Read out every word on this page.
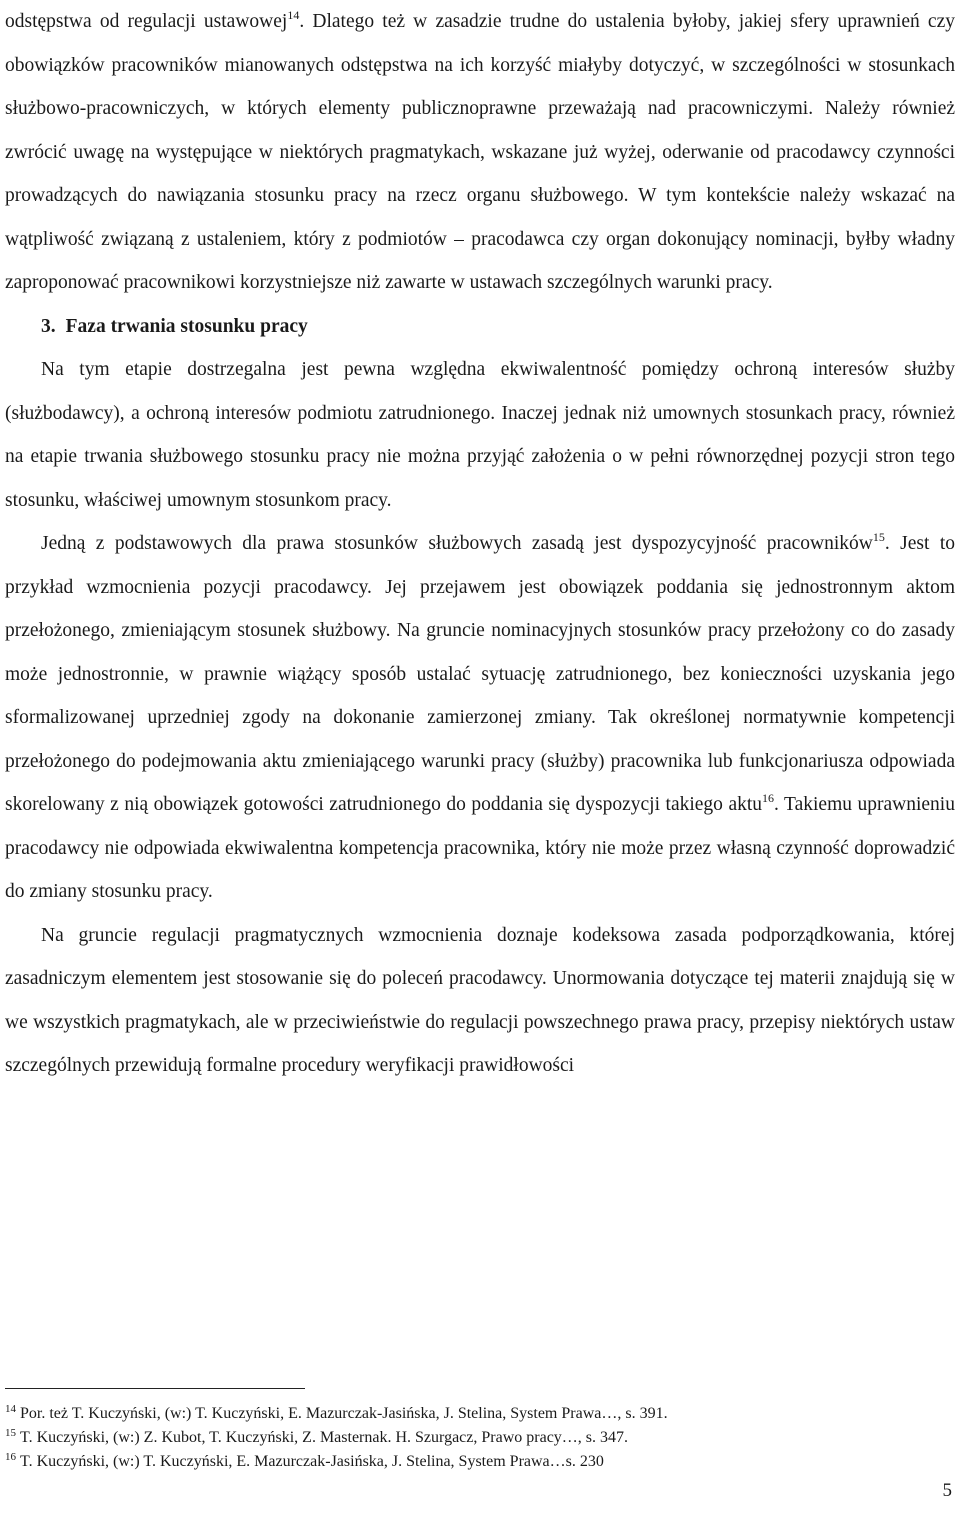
odstępstwa od regulacji ustawowej$^{14}$. Dlatego też w zasadzie trudne do ustalenia byłoby, jakiej sfery uprawnień czy obowiązków pracowników mianowanych odstępstwa na ich korzyść miałyby dotyczyć, w szczególności w stosunkach służbowo-pracowniczych, w których elementy publicznoprawne przeważają nad pracowniczymi. Należy również zwrócić uwagę na występujące w niektórych pragmatykach, wskazane już wyżej, oderwanie od pracodawcy czynności prowadzących do nawiązania stosunku pracy na rzecz organu służbowego. W tym kontekście należy wskazać na wątpliwość związaną z ustaleniem, który z podmiotów – pracodawca czy organ dokonujący nominacji, byłby władny zaproponować pracownikowi korzystniejsze niż zawarte w ustawach szczególnych warunki pracy.

3. Faza trwania stosunku pracy

Na tym etapie dostrzegalna jest pewna względna ekwiwalentność pomiędzy ochroną interesów służby (służbodawcy), a ochroną interesów podmiotu zatrudnionego. Inaczej jednak niż umownych stosunkach pracy, również na etapie trwania służbowego stosunku pracy nie można przyjąć założenia o w pełni równorzędnej pozycji stron tego stosunku, właściwej umownym stosunkom pracy.

Jedną z podstawowych dla prawa stosunków służbowych zasadą jest dyspozycyjność pracowników$^{15}$. Jest to przykład wzmocnienia pozycji pracodawcy. Jej przejawem jest obowiązek poddania się jednostronnym aktom przełożonego, zmieniającym stosunek służbowy. Na gruncie nominacyjnych stosunków pracy przełożony co do zasady może jednostronnie, w prawnie wiążący sposób ustalać sytuację zatrudnionego, bez konieczności uzyskania jego sformalizowanej uprzedniej zgody na dokonanie zamierzonej zmiany. Tak określonej normatywnie kompetencji przełożonego do podejmowania aktu zmieniającego warunki pracy (służby) pracownika lub funkcjonariusza odpowiada skorelowany z nią obowiązek gotowości zatrudnionego do poddania się dyspozycji takiego aktu$^{16}$. Takiemu uprawnieniu pracodawcy nie odpowiada ekwiwalentna kompetencja pracownika, który nie może przez własną czynność doprowadzić do zmiany stosunku pracy.

Na gruncie regulacji pragmatycznych wzmocnienia doznaje kodeksowa zasada podporządkowania, której zasadniczym elementem jest stosowanie się do poleceń pracodawcy. Unormowania dotyczące tej materii znajdują się w we wszystkich pragmatykach, ale w przeciwieństwie do regulacji powszechnego prawa pracy, przepisy niektórych ustaw szczególnych przewidują formalne procedury weryfikacji prawidłowości

$^{14}$ Por. też T. Kuczyński, (w:) T. Kuczyński, E. Mazurczak-Jasińska, J. Stelina, System Prawa…, s. 391.

$^{15}$ T. Kuczyński, (w:) Z. Kubot, T. Kuczyński, Z. Masternak. H. Szurgacz, Prawo pracy…, s. 347.

$^{16}$ T. Kuczyński, (w:) T. Kuczyński, E. Mazurczak-Jasińska, J. Stelina, System Prawa…s. 230

5
